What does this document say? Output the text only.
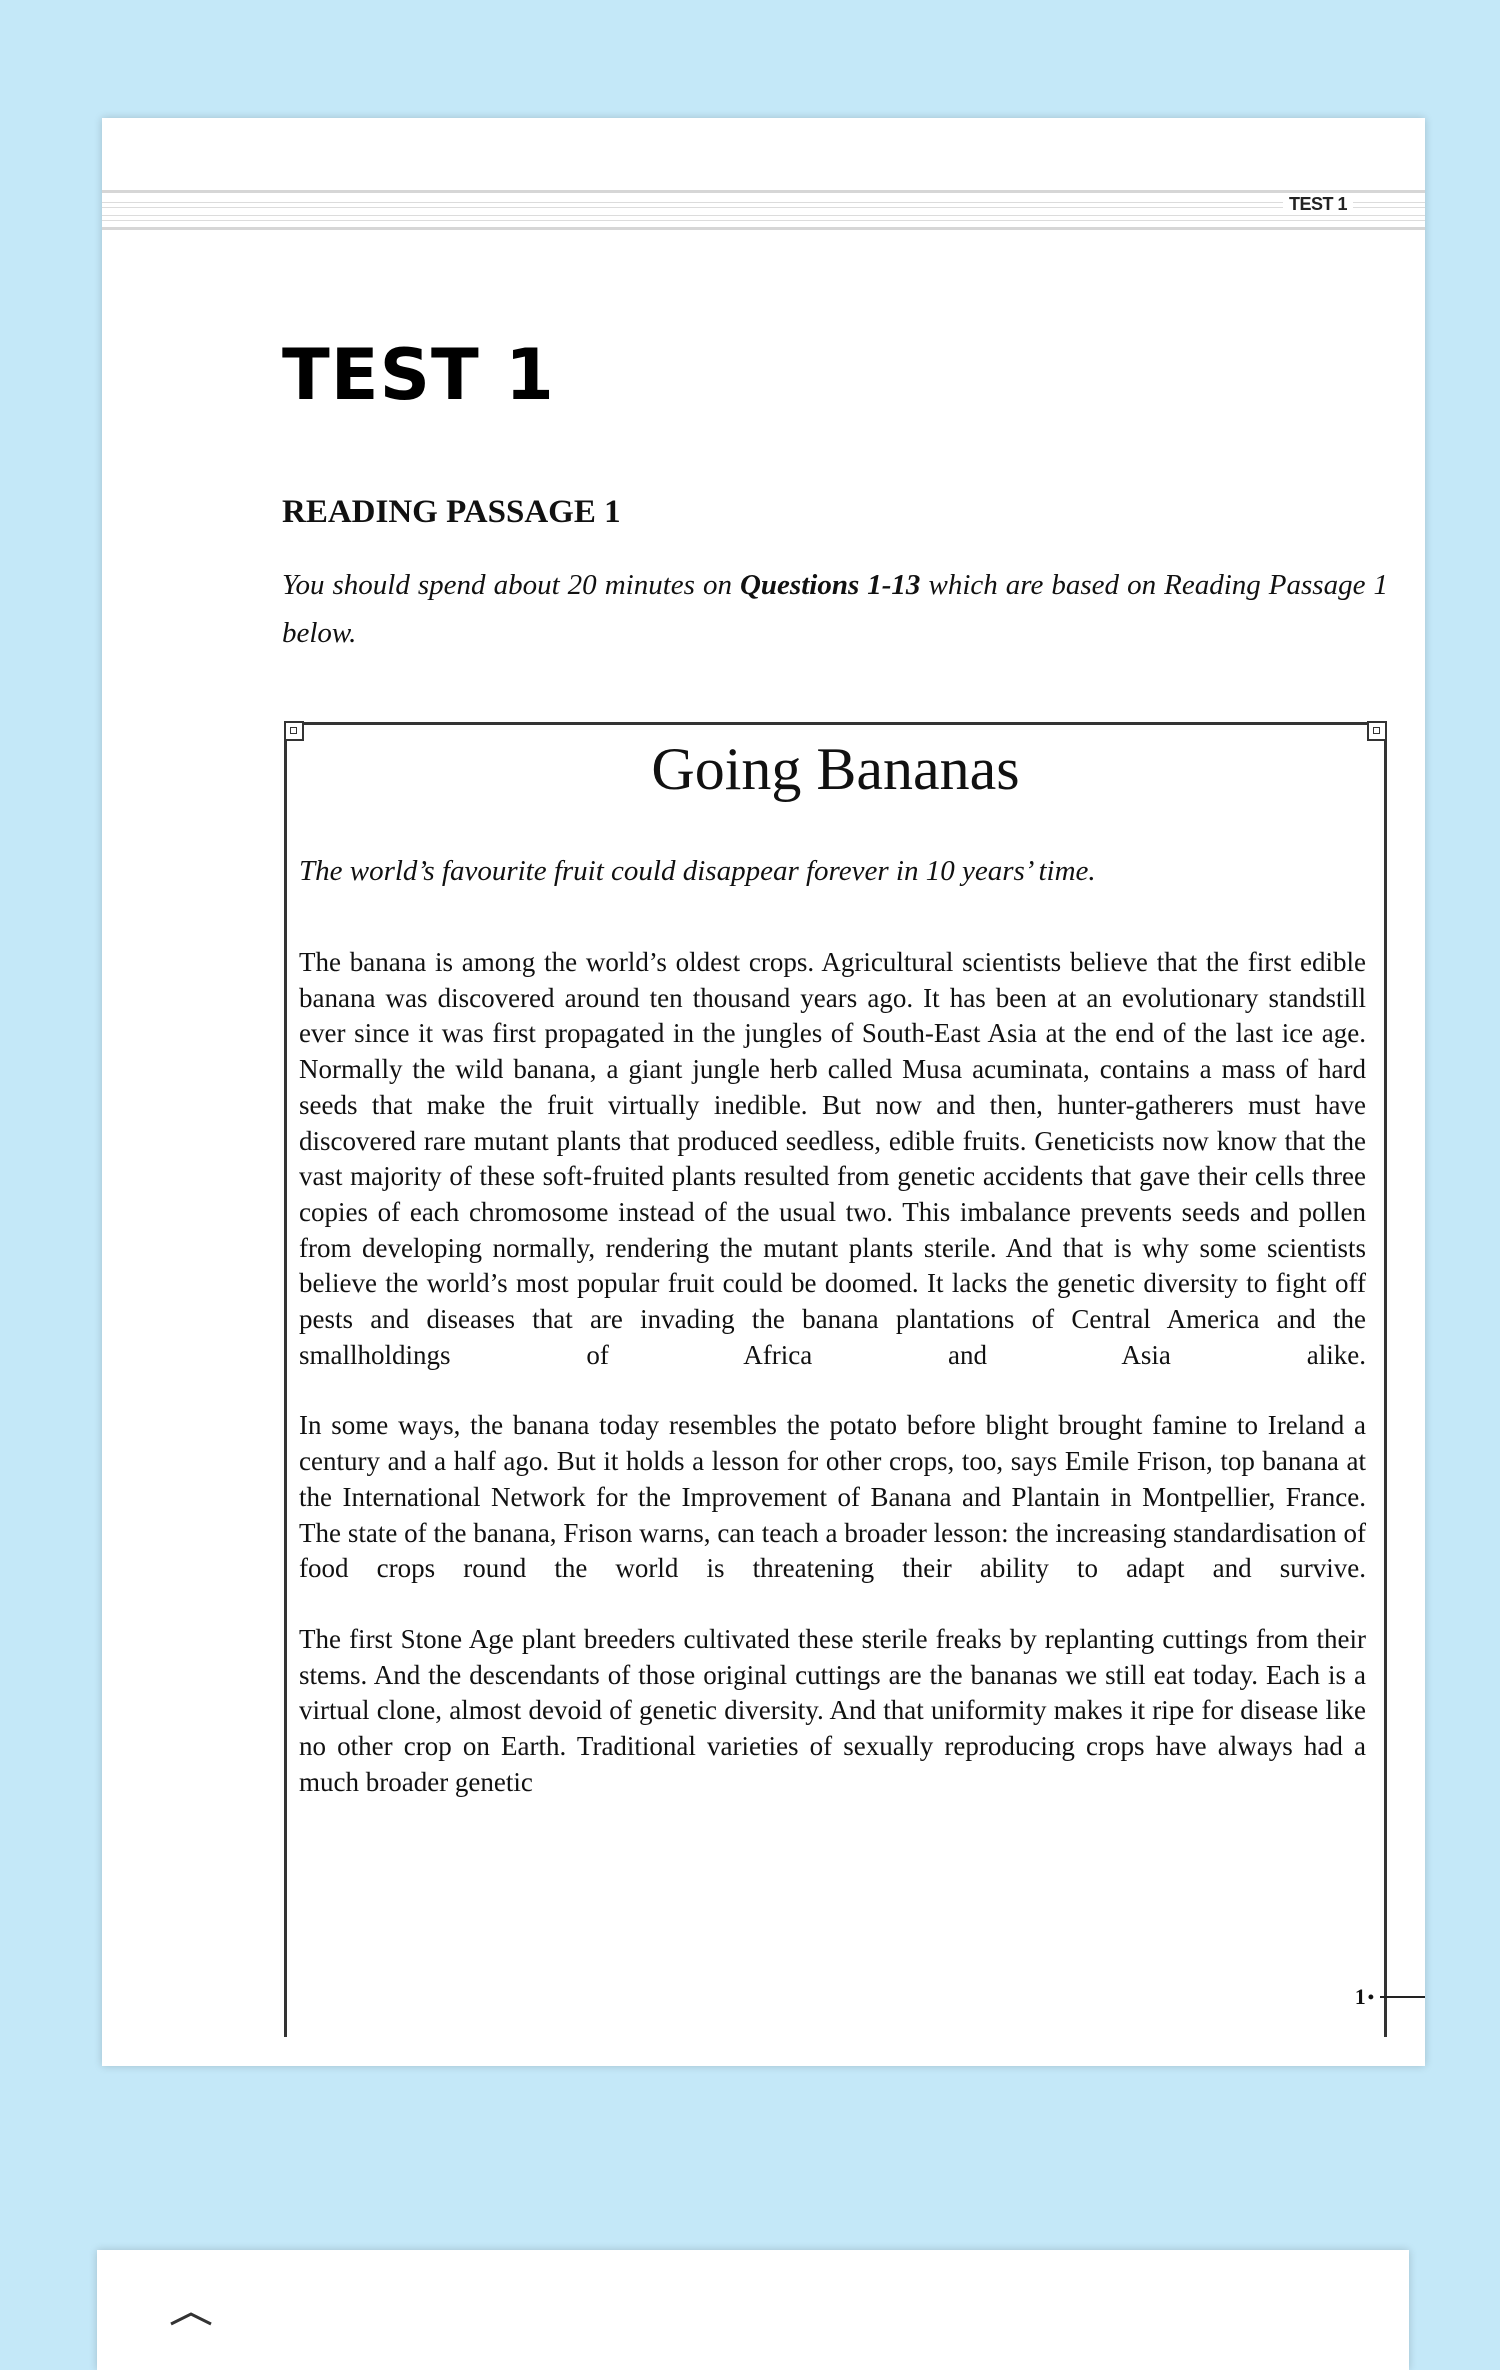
TEST 1
TEST 1
READING PASSAGE 1

You should spend about 20 minutes on Questions 1-13 which are based on Reading Passage 1 below.

Going Bananas

The world’s favourite fruit could disappear forever in 10 years’ time.

The banana is among the world’s oldest crops. Agricultural scientists believe that the first edible banana was discovered around ten thousand years ago. It has been at an evolutionary standstill ever since it was first propagated in the jungles of South-East Asia at the end of the last ice age. Normally the wild banana, a giant jungle herb called Musa acuminata, contains a mass of hard seeds that make the fruit virtually inedible. But now and then, hunter-gatherers must have discovered rare mutant plants that produced seedless, edible fruits. Geneticists now know that the vast majority of these soft-fruited plants resulted from genetic accidents that gave their cells three copies of each chromosome instead of the usual two. This imbalance prevents seeds and pollen from developing normally, rendering the mutant plants sterile. And that is why some scientists believe the world’s most popular fruit could be doomed. It lacks the genetic diversity to fight off pests and diseases that are invading the banana plantations of Central America and the smallholdings of Africa and Asia alike.

In some ways, the banana today resembles the potato before blight brought famine to Ireland a century and a half ago. But it holds a lesson for other crops, too, says Emile Frison, top banana at the International Network for the Improvement of Banana and Plantain in Montpellier, France. The state of the banana, Frison warns, can teach a broader lesson: the increasing standardisation of food crops round the world is threatening their ability to adapt and survive.

The first Stone Age plant breeders cultivated these sterile freaks by replanting cuttings from their stems. And the descendants of those original cuttings are the bananas we still eat today. Each is a virtual clone, almost devoid of genetic diversity. And that uniformity makes it ripe for disease like no other crop on Earth. Traditional varieties of sexually reproducing crops have always had a much broader genetic

1 •
